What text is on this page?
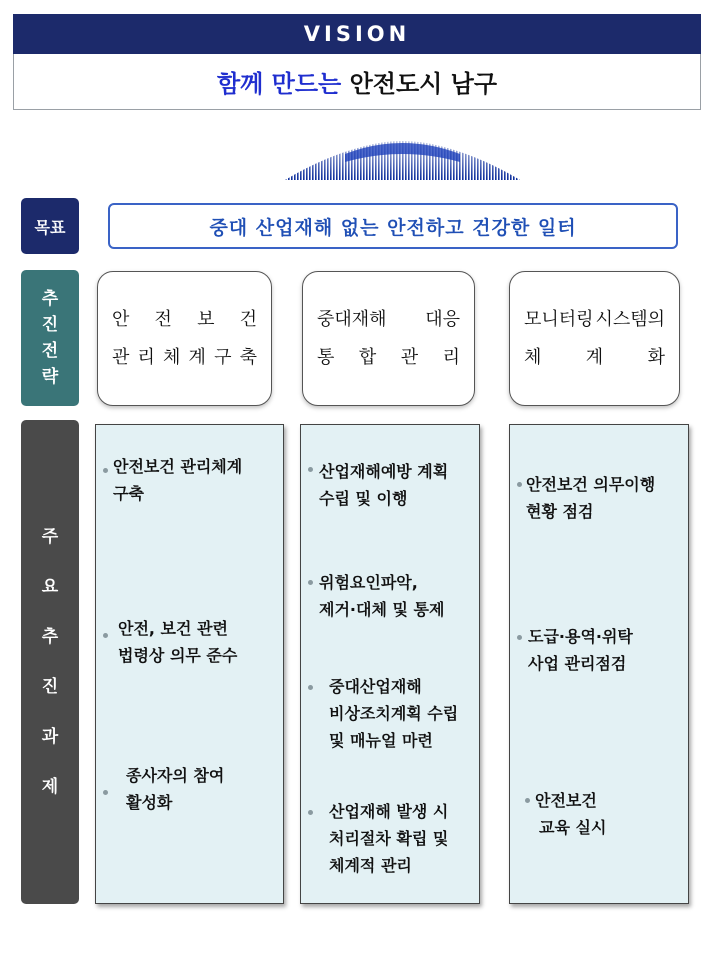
VISION
함께 만드는
안전도시 남구
목표	중대 산업재해 없는 안전하고 건강한 일터
추
진
전
략
안 전 보 건
관 리 체 계 구 축
중대재해 대응
통 합 관 리
모니터링 시스템의
체 계 화
주
요
추
진
과
제
안전보건 관리체계
구축
안전, 보건 관련
법령상 의무 준수
종사자의 참여
활성화
산업재해예방 계획
수립 및 이행
위험요인파악,
제거·대체 및 통제
중대산업재해
비상조치계획 수립
및 매뉴얼 마련
산업재해 발생 시
처리절차 확립 및
체계적 관리
안전보건 의무이행
현황 점검
도급·용역·위탁
사업 관리점검
안전보건
교육 실시
